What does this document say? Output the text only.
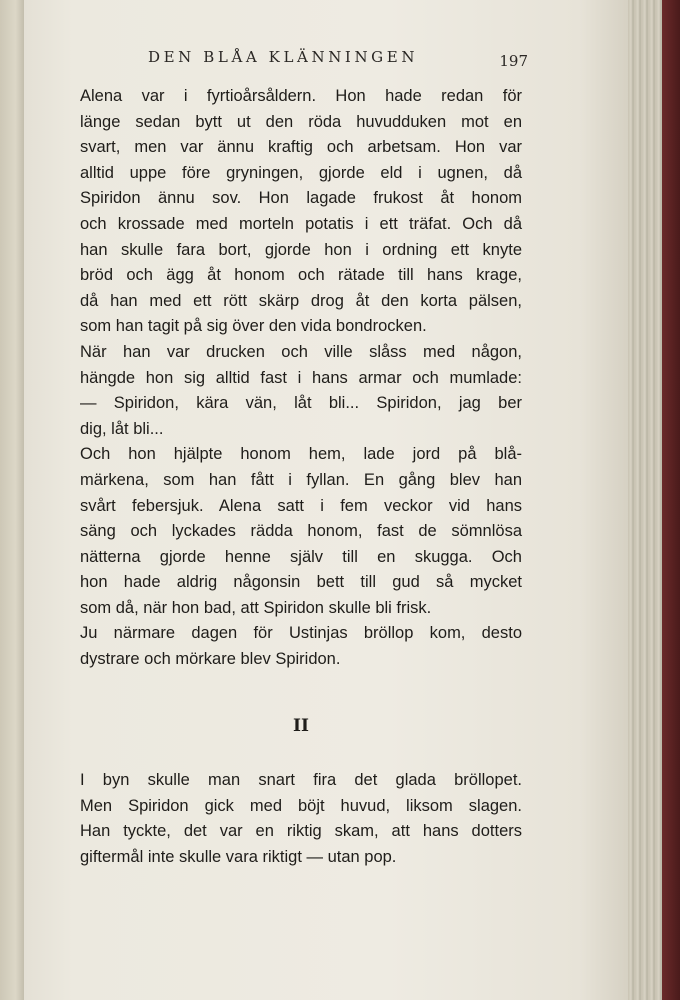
DEN BLÅA KLÄNNINGEN	197
Alena var i fyrtioårsåldern. Hon hade redan för
länge sedan bytt ut den röda huvudduken mot en
svart, men var ännu kraftig och arbetsam. Hon var
alltid uppe före gryningen, gjorde eld i ugnen, då
Spiridon ännu sov. Hon lagade frukost åt honom
och krossade med morteln potatis i ett träfat. Och då
han skulle fara bort, gjorde hon i ordning ett knyte
bröd och ägg åt honom och rätade till hans krage,
då han med ett rött skärp drog åt den korta pälsen,
som han tagit på sig över den vida bondrocken.
När han var drucken och ville slåss med någon,
hängde hon sig alltid fast i hans armar och mumlade:
— Spiridon, kära vän, låt bli... Spiridon, jag ber
dig, låt bli...
Och hon hjälpte honom hem, lade jord på blå-
märkena, som han fått i fyllan. En gång blev han
svårt febersjuk. Alena satt i fem veckor vid hans
säng och lyckades rädda honom, fast de sömnlösa
nätterna gjorde henne själv till en skugga. Och
hon hade aldrig någonsin bett till gud så mycket
som då, när hon bad, att Spiridon skulle bli frisk.
Ju närmare dagen för Ustinjas bröllop kom, desto
dystrare och mörkare blev Spiridon.
II
I byn skulle man snart fira det glada bröllopet.
Men Spiridon gick med böjt huvud, liksom slagen.
Han tyckte, det var en riktig skam, att hans dotters
giftermål inte skulle vara riktigt — utan pop.
